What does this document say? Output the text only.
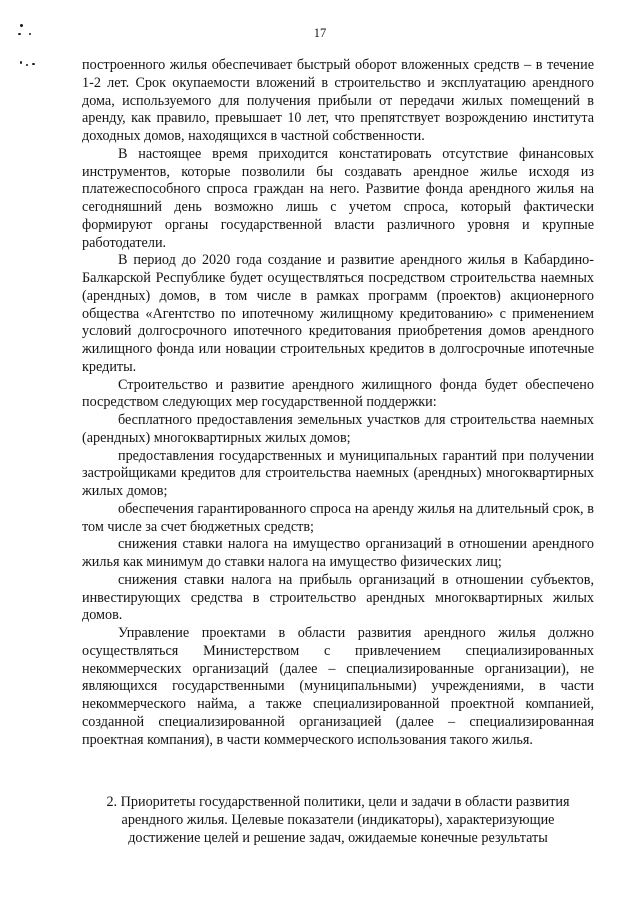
17

построенного жилья обеспечивает быстрый оборот вложенных средств – в течение 1-2 лет. Срок окупаемости вложений в строительство и эксплуатацию арендного дома, используемого для получения прибыли от передачи жилых помещений в аренду, как правило, превышает 10 лет, что препятствует возрождению института доходных домов, находящихся в частной собственности.

В настоящее время приходится констатировать отсутствие финансовых инструментов, которые позволили бы создавать арендное жилье исходя из платежеспособного спроса граждан на него. Развитие фонда арендного жилья на сегодняшний день возможно лишь с учетом спроса, который фактически формируют органы государственной власти различного уровня и крупные работодатели.

В период до 2020 года создание и развитие арендного жилья в Кабардино-Балкарской Республике будет осуществляться посредством строительства наемных (арендных) домов, в том числе в рамках программ (проектов) акционерного общества «Агентство по ипотечному жилищному кредитованию» с применением условий долгосрочного ипотечного кредитования приобретения домов арендного жилищного фонда или новации строительных кредитов в долгосрочные ипотечные кредиты.

Строительство и развитие арендного жилищного фонда будет обеспечено посредством следующих мер государственной поддержки:

бесплатного предоставления земельных участков для строительства наемных (арендных) многоквартирных жилых домов;

предоставления государственных и муниципальных гарантий при получении застройщиками кредитов для строительства наемных (арендных) многоквартирных жилых домов;

обеспечения гарантированного спроса на аренду жилья на длительный срок, в том числе за счет бюджетных средств;

снижения ставки налога на имущество организаций в отношении арендного жилья как минимум до ставки налога на имущество физических лиц;

снижения ставки налога на прибыль организаций в отношении субъектов, инвестирующих средства в строительство арендных многоквартирных жилых домов.

Управление проектами в области развития арендного жилья должно осуществляться Министерством с привлечением специализированных некоммерческих организаций (далее – специализированные организации), не являющихся государственными (муниципальными) учреждениями, в части некоммерческого найма, а также специализированной проектной компанией, созданной специализированной организацией (далее – специализированная проектная компания), в части коммерческого использования такого жилья.

2. Приоритеты государственной политики, цели и задачи в области развития

арендного жилья. Целевые показатели (индикаторы), характеризующие

достижение целей и решение задач, ожидаемые конечные результаты
